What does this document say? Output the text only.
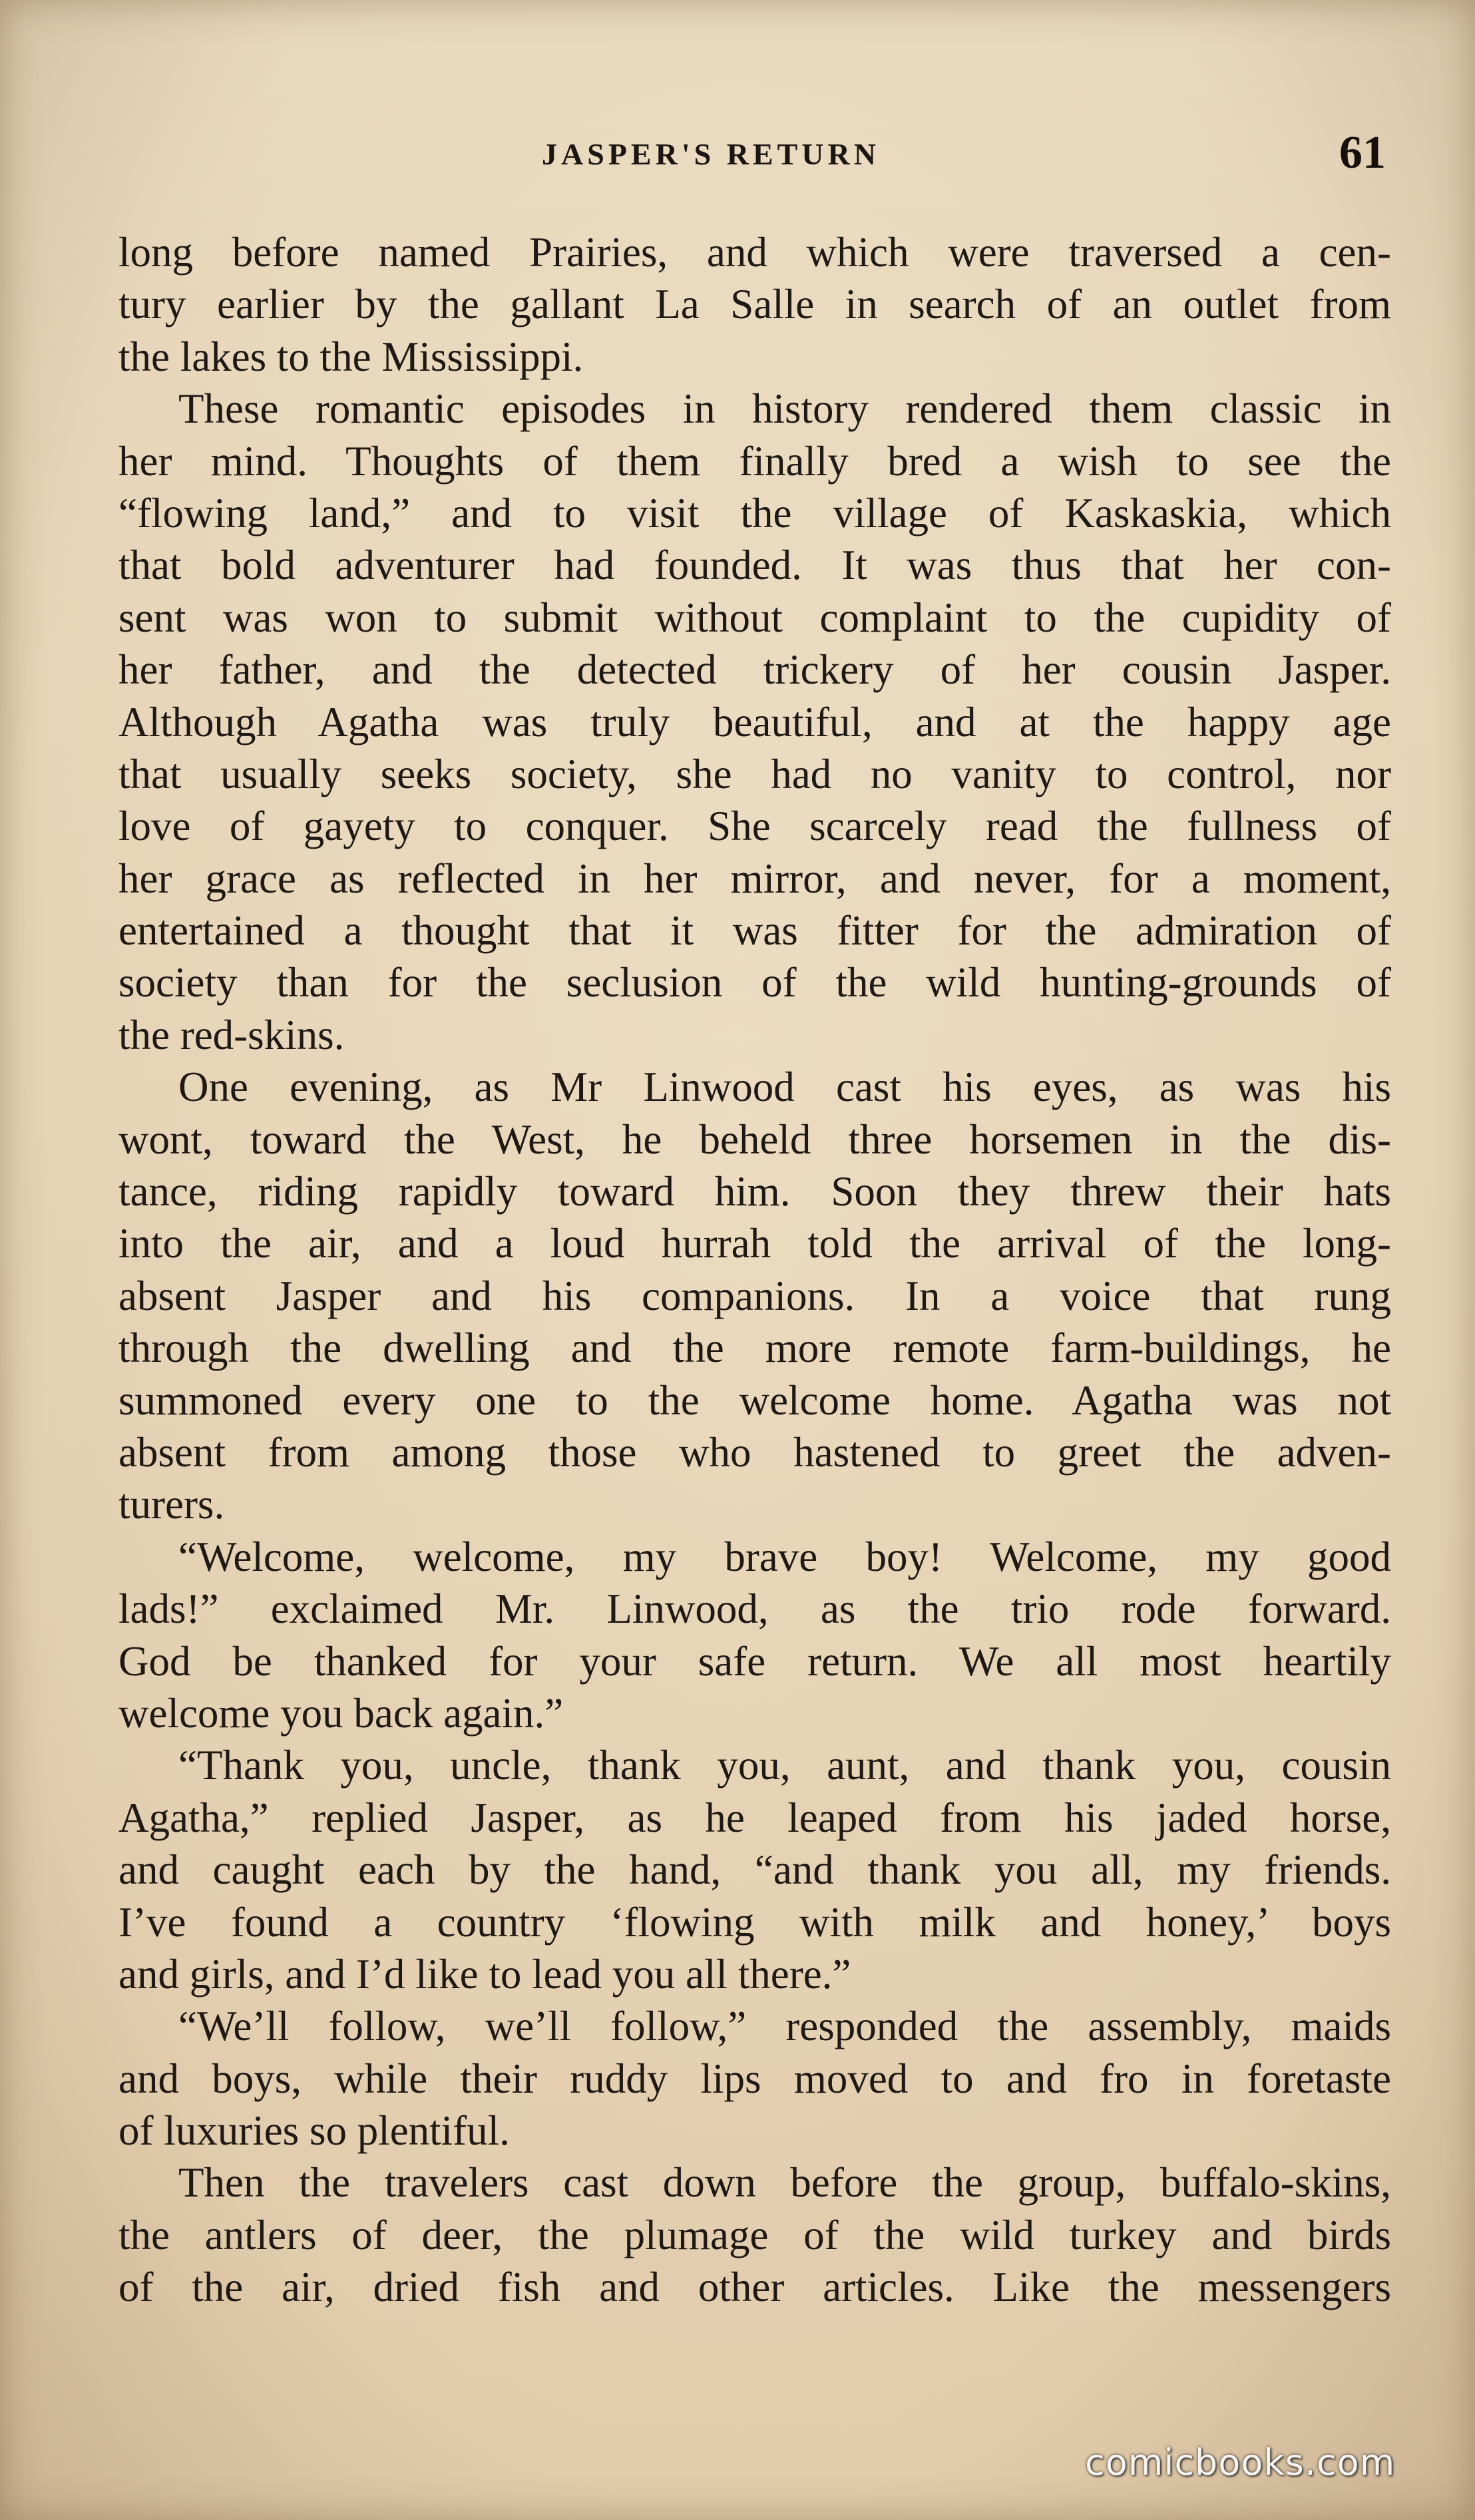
JASPER'S RETURN	61
long before named Prairies, and which were traversed a cen-
tury earlier by the gallant La Salle in search of an outlet from
the lakes to the Mississippi.
These romantic episodes in history rendered them classic in
her mind. Thoughts of them finally bred a wish to see the
“flowing land,” and to visit the village of Kaskaskia, which
that bold adventurer had founded. It was thus that her con-
sent was won to submit without complaint to the cupidity of
her father, and the detected trickery of her cousin Jasper.
Although Agatha was truly beautiful, and at the happy age
that usually seeks society, she had no vanity to control, nor
love of gayety to conquer. She scarcely read the fullness of
her grace as reflected in her mirror, and never, for a moment,
entertained a thought that it was fitter for the admiration of
society than for the seclusion of the wild hunting-grounds of
the red-skins.
One evening, as Mr Linwood cast his eyes, as was his
wont, toward the West, he beheld three horsemen in the dis-
tance, riding rapidly toward him. Soon they threw their hats
into the air, and a loud hurrah told the arrival of the long-
absent Jasper and his companions. In a voice that rung
through the dwelling and the more remote farm-buildings, he
summoned every one to the welcome home. Agatha was not
absent from among those who hastened to greet the adven-
turers.
“Welcome, welcome, my brave boy! Welcome, my good
lads!” exclaimed Mr. Linwood, as the trio rode forward.
God be thanked for your safe return. We all most heartily
welcome you back again.”
“Thank you, uncle, thank you, aunt, and thank you, cousin
Agatha,” replied Jasper, as he leaped from his jaded horse,
and caught each by the hand, “and thank you all, my friends.
I’ve found a country ‘flowing with milk and honey,’ boys
and girls, and I’d like to lead you all there.”
“We’ll follow, we’ll follow,” responded the assembly, maids
and boys, while their ruddy lips moved to and fro in foretaste
of luxuries so plentiful.
Then the travelers cast down before the group, buffalo-skins,
the antlers of deer, the plumage of the wild turkey and birds
of the air, dried fish and other articles. Like the messengers
comicbooks.com
